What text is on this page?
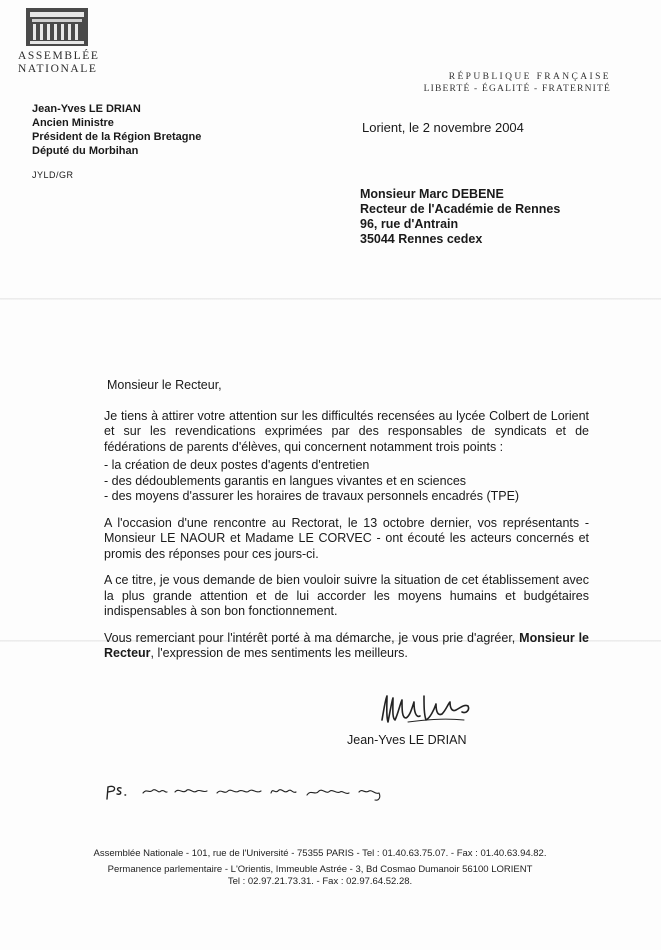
ASSEMBLÉE
NATIONALE
RÉPUBLIQUE FRANÇAISE
LIBERTÉ - ÉGALITÉ - FRATERNITÉ
Jean-Yves LE DRIAN
Ancien Ministre
Président de la Région Bretagne
Député du Morbihan
JYLD/GR
Lorient, le 2 novembre 2004
Monsieur Marc DEBENE
Recteur de l'Académie de Rennes
96, rue d'Antrain
35044 Rennes cedex

Monsieur le Recteur,

Je tiens à attirer votre attention sur les difficultés recensées au lycée Colbert de Lorient et sur les revendications exprimées par des responsables de syndicats et de fédérations de parents d'élèves, qui concernent notamment trois points :

- la création de deux postes d'agents d'entretien
- des dédoublements garantis en langues vivantes et en sciences
- des moyens d'assurer les horaires de travaux personnels encadrés (TPE)

A l'occasion d'une rencontre au Rectorat, le 13 octobre dernier, vos représentants - Monsieur LE NAOUR et Madame LE CORVEC - ont écouté les acteurs concernés et promis des réponses pour ces jours-ci.

A ce titre, je vous demande de bien vouloir suivre la situation de cet établissement avec la plus grande attention et de lui accorder les moyens humains et budgétaires indispensables à son bon fonctionnement.

Vous remerciant pour l'intérêt porté à ma démarche, je vous prie d'agréer, Monsieur le Recteur, l'expression de mes sentiments les meilleurs.

Jean-Yves LE DRIAN
Assemblée Nationale - 101, rue de l'Université - 75355 PARIS - Tel : 01.40.63.75.07. - Fax : 01.40.63.94.82.
Permanence parlementaire - L'Orientis, Immeuble Astrée - 3, Bd Cosmao Dumanoir 56100 LORIENT
Tel : 02.97.21.73.31. - Fax : 02.97.64.52.28.
